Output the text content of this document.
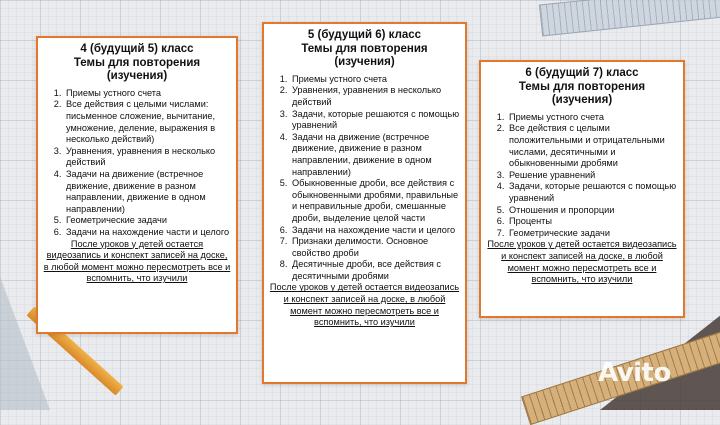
4 (будущий 5) класс
Темы для повторения
(изучения)
1. Приемы устного счета
2. Все действия с целыми числами: письменное сложение, вычитание, умножение, деление, выражения в несколько действий)
3. Уравнения, уравнения в несколько действий
4. Задачи на движение (встречное движение, движение в разном направлении, движение в одном направлении)
5. Геометрические задачи
6. Задачи на нахождение части и целого
После уроков у детей остается видеозапись и конспект записей на доске, в любой момент можно пересмотреть все и вспомнить, что изучили
5 (будущий 6) класс
Темы для повторения
(изучения)
1. Приемы устного счета
2. Уравнения, уравнения в несколько действий
3. Задачи, которые решаются с помощью уравнений
4. Задачи на движение (встречное движение, движение в разном направлении, движение в одном направлении)
5. Обыкновенные дроби, все действия с обыкновенными дробями, правильные и неправильные дроби, смешанные дроби, выделение целой части
6. Задачи на нахождение части и целого
7. Признаки делимости. Основное свойство дроби
8. Десятичные дроби, все действия с десятичными дробями
После уроков у детей остается видеозапись и конспект записей на доске, в любой момент можно пересмотреть все и вспомнить, что изучили
6 (будущий 7) класс
Темы для повторения
(изучения)
1. Приемы устного счета
2. Все действия с целыми положительными и отрицательными числами, десятичными и обыкновенными дробями
3. Решение уравнений
4. Задачи, которые решаются с помощью уравнений
5. Отношения и пропорции
6. Проценты
7. Геометрические задачи
После уроков у детей остается видеозапись и конспект записей на доске, в любой момент можно пересмотреть все и вспомнить, что изучили
Avito
